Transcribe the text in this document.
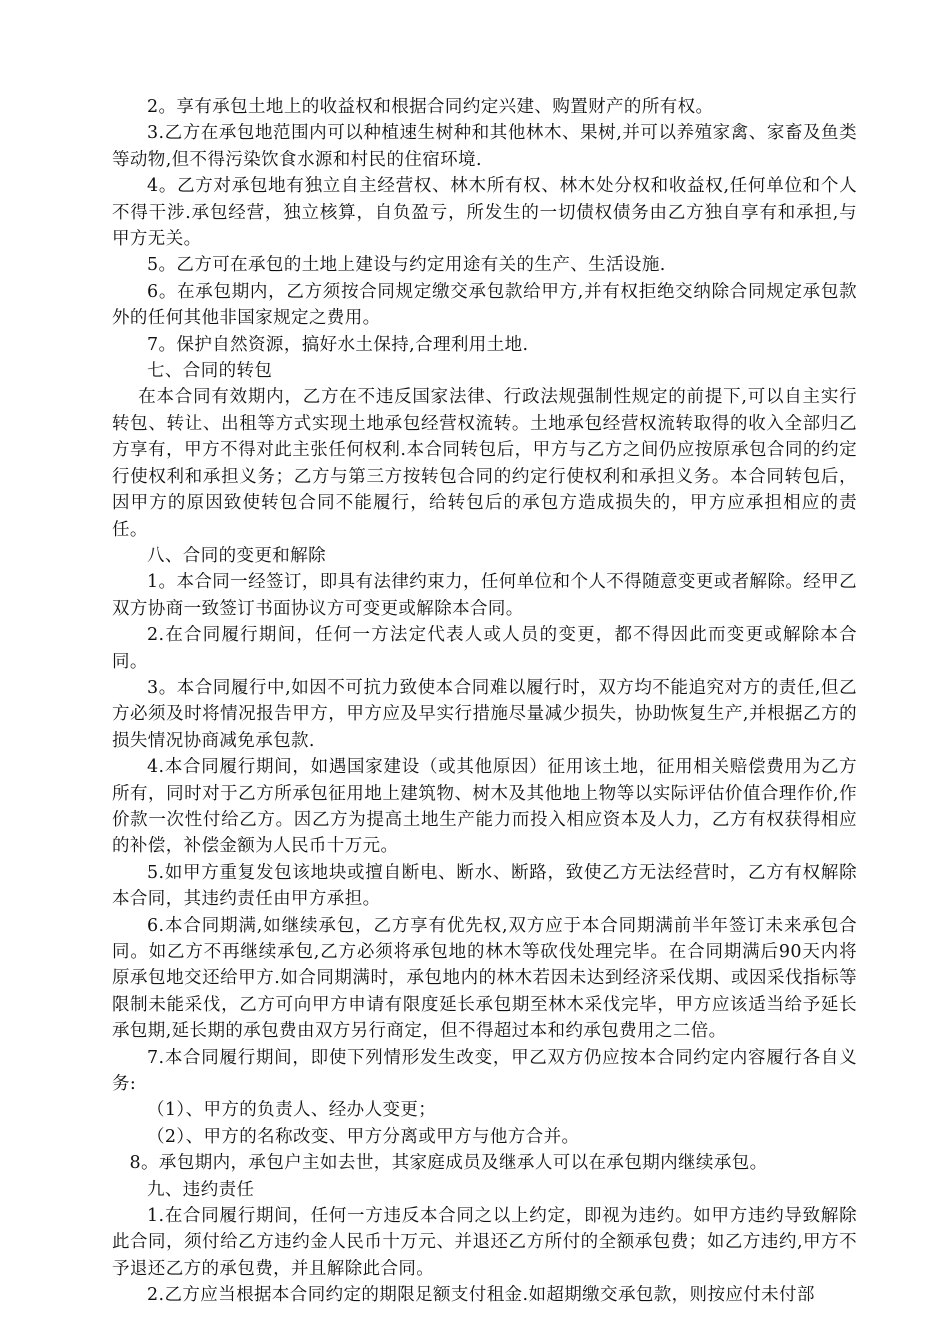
2。享有承包土地上的收益权和根据合同约定兴建、购置财产的所有权。

3.乙方在承包地范围内可以种植速生树种和其他林木、果树,并可以养殖家禽、家畜及鱼类等动物,但不得污染饮食水源和村民的住宿环境.

4。乙方对承包地有独立自主经营权、林木所有权、林木处分权和收益权,任何单位和个人不得干涉.承包经营，独立核算，自负盈亏，所发生的一切债权债务由乙方独自享有和承担,与甲方无关。

5。乙方可在承包的土地上建设与约定用途有关的生产、生活设施.

6。在承包期内，乙方须按合同规定缴交承包款给甲方,并有权拒绝交纳除合同规定承包款外的任何其他非国家规定之费用。

7。保护自然资源，搞好水土保持,合理利用土地.

七、合同的转包

在本合同有效期内，乙方在不违反国家法律、行政法规强制性规定的前提下,可以自主实行转包、转让、出租等方式实现土地承包经营权流转。土地承包经营权流转取得的收入全部归乙方享有，甲方不得对此主张任何权利.本合同转包后，甲方与乙方之间仍应按原承包合同的约定行使权利和承担义务；乙方与第三方按转包合同的约定行使权利和承担义务。本合同转包后，因甲方的原因致使转包合同不能履行，给转包后的承包方造成损失的，甲方应承担相应的责任。

八、合同的变更和解除

1。本合同一经签订，即具有法律约束力，任何单位和个人不得随意变更或者解除。经甲乙双方协商一致签订书面协议方可变更或解除本合同。

2.在合同履行期间，任何一方法定代表人或人员的变更，都不得因此而变更或解除本合同。

3。本合同履行中,如因不可抗力致使本合同难以履行时，双方均不能追究对方的责任,但乙方必须及时将情况报告甲方，甲方应及早实行措施尽量减少损失，协助恢复生产,并根据乙方的损失情况协商减免承包款.

4.本合同履行期间，如遇国家建设（或其他原因）征用该土地，征用相关赔偿费用为乙方所有，同时对于乙方所承包征用地上建筑物、树木及其他地上物等以实际评估价值合理作价,作价款一次性付给乙方。因乙方为提高土地生产能力而投入相应资本及人力，乙方有权获得相应的补偿，补偿金额为人民币十万元。

5.如甲方重复发包该地块或擅自断电、断水、断路，致使乙方无法经营时，乙方有权解除本合同，其违约责任由甲方承担。

6.本合同期满,如继续承包，乙方享有优先权,双方应于本合同期满前半年签订未来承包合同。如乙方不再继续承包,乙方必须将承包地的林木等砍伐处理完毕。在合同期满后90天内将原承包地交还给甲方.如合同期满时，承包地内的林木若因未达到经济采伐期、或因采伐指标等限制未能采伐，乙方可向甲方申请有限度延长承包期至林木采伐完毕，甲方应该适当给予延长承包期,延长期的承包费由双方另行商定，但不得超过本和约承包费用之二倍。

7.本合同履行期间，即使下列情形发生改变，甲乙双方仍应按本合同约定内容履行各自义务:

（1）、甲方的负责人、经办人变更；

（2）、甲方的名称改变、甲方分离或甲方与他方合并。

8。承包期内，承包户主如去世，其家庭成员及继承人可以在承包期内继续承包。

九、违约责任

1.在合同履行期间，任何一方违反本合同之以上约定，即视为违约。如甲方违约导致解除此合同，须付给乙方违约金人民币十万元、并退还乙方所付的全额承包费；如乙方违约,甲方不予退还乙方的承包费，并且解除此合同。

2.乙方应当根据本合同约定的期限足额支付租金.如超期缴交承包款，则按应付未付部
